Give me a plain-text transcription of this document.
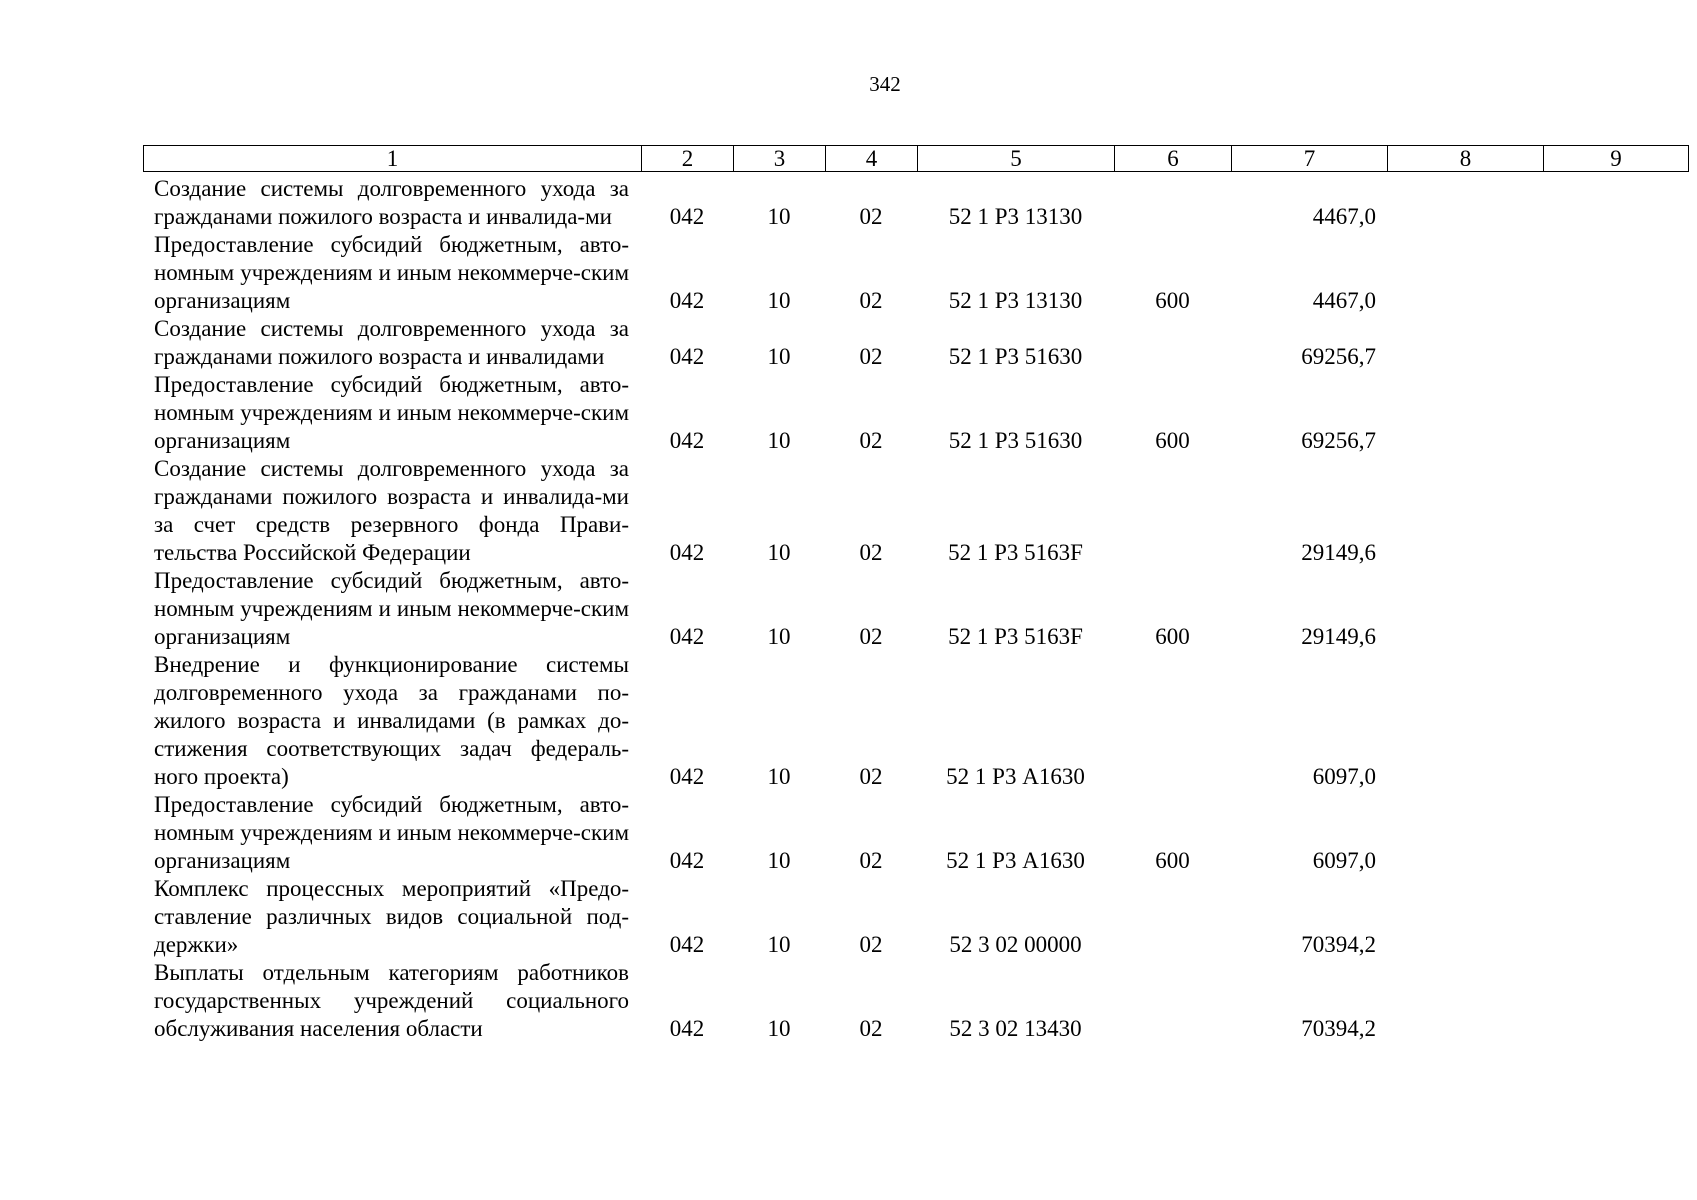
342
1	2	3	4	5	6	7	8	9
Создание системы долговременного ухода за гражданами пожилого возраста и инвалида-ми	042	10	02	52 1 Р3 13130		4467,0		
Предоставление субсидий бюджетным, авто-номным учреждениям и иным некоммерче-ским организациям	042	10	02	52 1 Р3 13130	600	4467,0		
Создание системы долговременного ухода за гражданами пожилого возраста и инвалидами	042	10	02	52 1 Р3 51630		69256,7		
Предоставление субсидий бюджетным, авто-номным учреждениям и иным некоммерче-ским организациям	042	10	02	52 1 Р3 51630	600	69256,7		
Создание системы долговременного ухода за гражданами пожилого возраста и инвалида-ми за счет средств резервного фонда Прави-тельства Российской Федерации	042	10	02	52 1 Р3 5163F		29149,6		
Предоставление субсидий бюджетным, авто-номным учреждениям и иным некоммерче-ским организациям	042	10	02	52 1 Р3 5163F	600	29149,6		
Внедрение и функционирование системы долговременного ухода за гражданами по-жилого возраста и инвалидами (в рамках до-стижения соответствующих задач федераль-ного проекта)	042	10	02	52 1 Р3 А1630		6097,0		
Предоставление субсидий бюджетным, авто-номным учреждениям и иным некоммерче-ским организациям	042	10	02	52 1 Р3 А1630	600	6097,0		
Комплекс процессных мероприятий «Предо-ставление различных видов социальной под-держки»	042	10	02	52 3 02 00000		70394,2		
Выплаты отдельным категориям работников государственных учреждений социального обслуживания населения области	042	10	02	52 3 02 13430		70394,2		
